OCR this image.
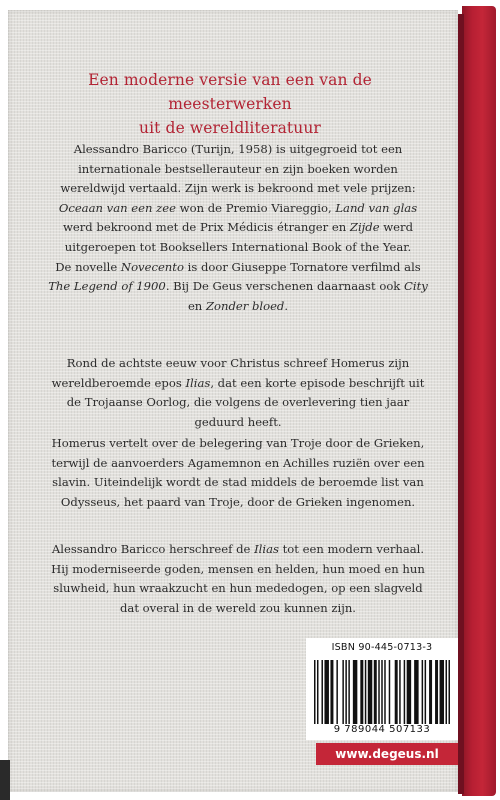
Een moderne versie van een van de meesterwerken
uit de wereldliteratuur
Alessandro Baricco (Turijn, 1958) is uitgegroeid tot een
internationale bestsellerauteur en zijn boeken worden
wereldwijd vertaald. Zijn werk is bekroond met vele prijzen:
Oceaan van een zee won de Premio Viareggio, Land van glas
werd bekroond met de Prix Médicis étranger en Zijde werd
uitgeroepen tot Booksellers International Book of the Year.
De novelle Novecento is door Giuseppe Tornatore verfilmd als
The Legend of 1900. Bij De Geus verschenen daarnaast ook City
en Zonder bloed.
Rond de achtste eeuw voor Christus schreef Homerus zijn
wereldberoemde epos Ilias, dat een korte episode beschrijft uit
de Trojaanse Oorlog, die volgens de overlevering tien jaar
geduurd heeft.
Homerus vertelt over de belegering van Troje door de Grieken,
terwijl de aanvoerders Agamemnon en Achilles ruziën over een
slavin. Uiteindelijk wordt de stad middels de beroemde list van
Odysseus, het paard van Troje, door de Grieken ingenomen.
Alessandro Baricco herschreef de Ilias tot een modern verhaal.
Hij moderniseerde goden, mensen en helden, hun moed en hun
sluwheid, hun wraakzucht en hun mededogen, op een slagveld
dat overal in de wereld zou kunnen zijn.
ISBN 90-445-0713-3
9 789044 507133
www.degeus.nl
